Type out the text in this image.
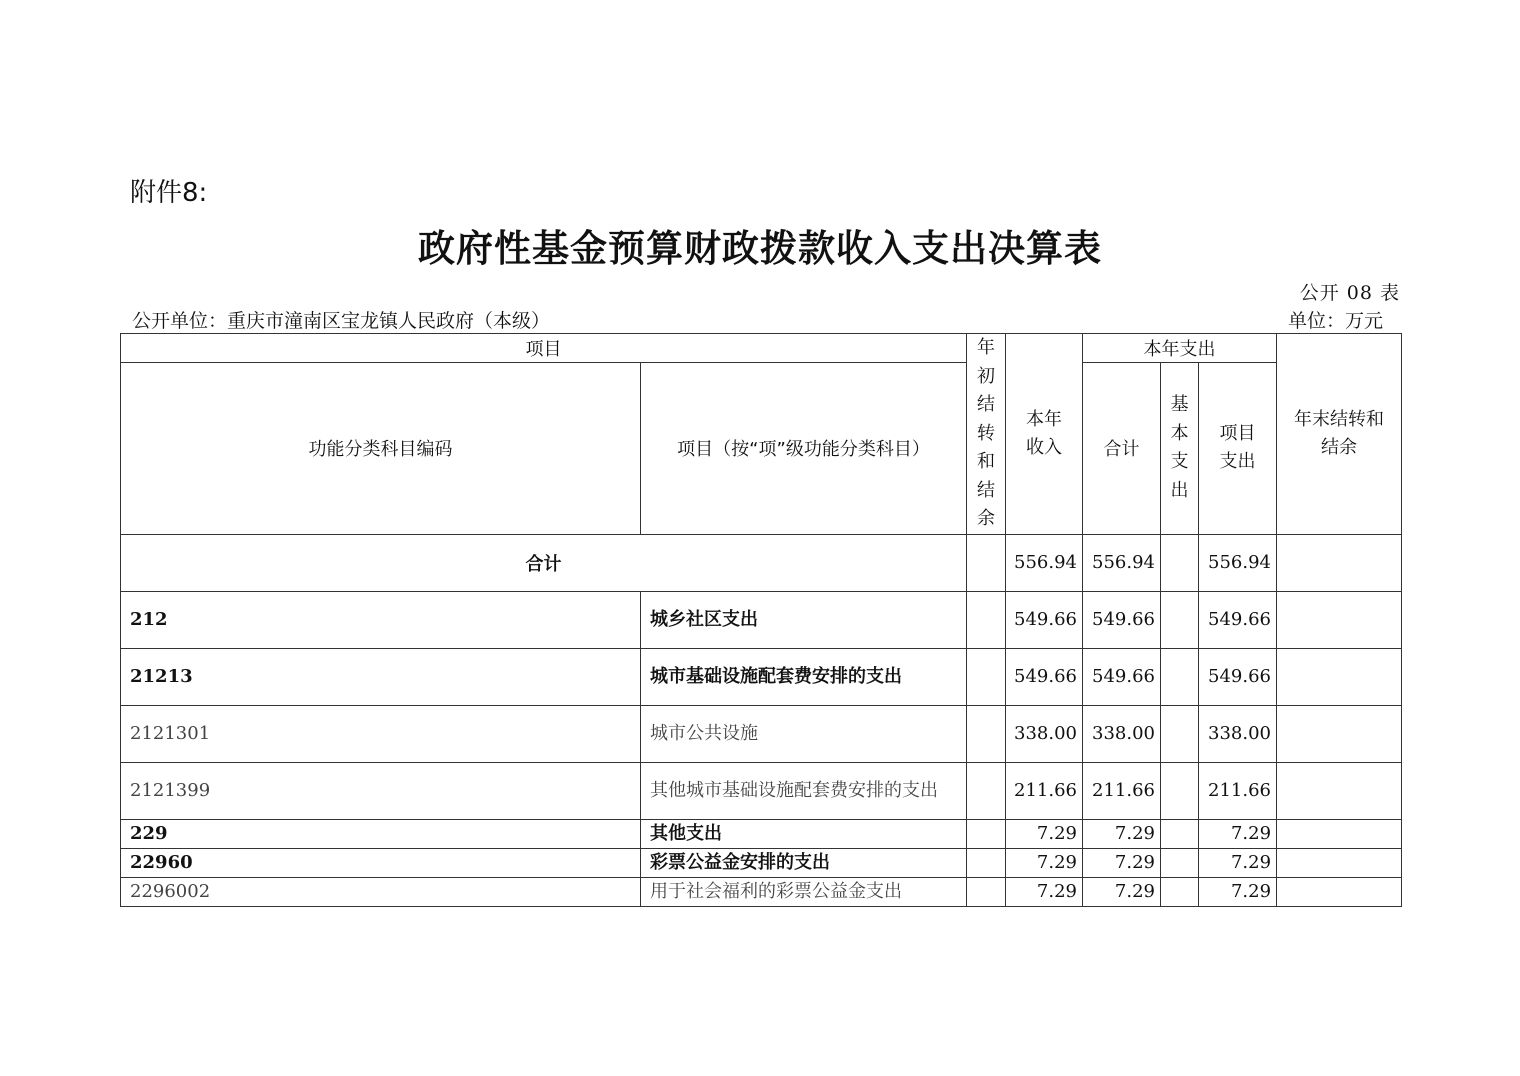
附件8:
政府性基金预算财政拨款收入支出决算表
公开 08 表
公开单位：重庆市潼南区宝龙镇人民政府（本级）	单位：万元
项目		年初结转和结余	本年收入	本年支出			年末结转和结余

功能分类科目编码	项目（按“项”级功能分类科目）			合计	基本支出	项目支出	

合计			556.94	556.94		556.94	
212	城乡社区支出		549.66	549.66		549.66	
21213	城市基础设施配套费安排的支出		549.66	549.66		549.66	
2121301	城市公共设施		338.00	338.00		338.00	
2121399	其他城市基础设施配套费安排的支出		211.66	211.66		211.66	
229	其他支出		7.29	7.29		7.29	
22960	彩票公益金安排的支出		7.29	7.29		7.29	
2296002	用于社会福利的彩票公益金支出		7.29	7.29		7.29	
